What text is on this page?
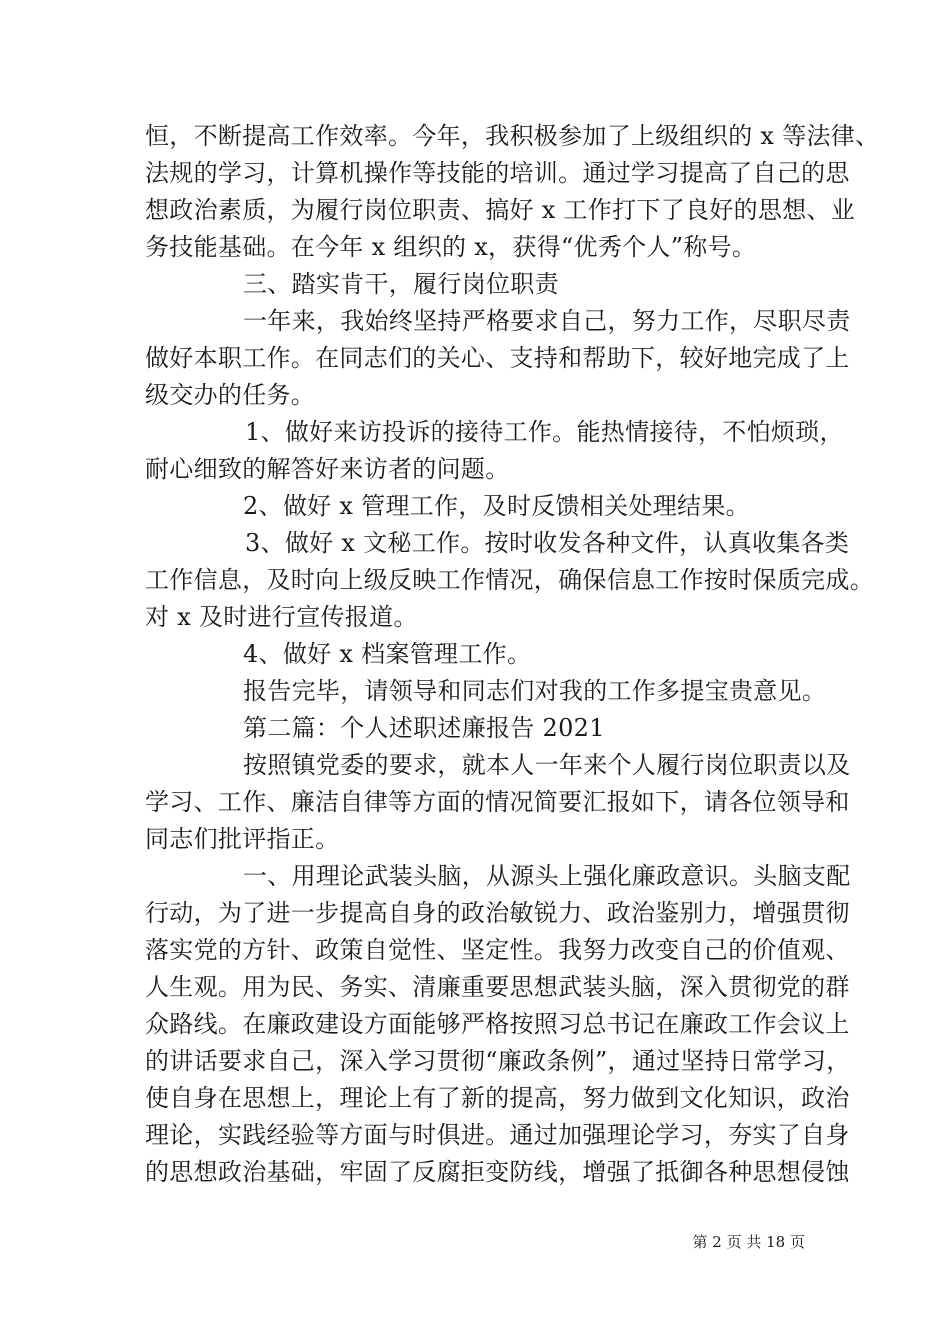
恒，不断提高工作效率。今年，我积极参加了上级组织的 x 等法律、
法规的学习，计算机操作等技能的培训。通过学习提高了自己的思
想政治素质，为履行岗位职责、搞好 x 工作打下了良好的思想、业
务技能基础。在今年 x 组织的 x，获得“优秀个人”称号。
三、踏实肯干，履行岗位职责
一年来，我始终坚持严格要求自己，努力工作，尽职尽责
做好本职工作。在同志们的关心、支持和帮助下，较好地完成了上
级交办的任务。
1、做好来访投诉的接待工作。能热情接待，不怕烦琐，
耐心细致的解答好来访者的问题。
2、做好 x 管理工作，及时反馈相关处理结果。
3、做好 x 文秘工作。按时收发各种文件，认真收集各类
工作信息，及时向上级反映工作情况，确保信息工作按时保质完成。
对 x 及时进行宣传报道。
4、做好 x 档案管理工作。
报告完毕，请领导和同志们对我的工作多提宝贵意见。
第二篇：个人述职述廉报告 2021
按照镇党委的要求，就本人一年来个人履行岗位职责以及
学习、工作、廉洁自律等方面的情况简要汇报如下，请各位领导和
同志们批评指正。
一、用理论武装头脑，从源头上强化廉政意识。头脑支配
行动，为了进一步提高自身的政治敏锐力、政治鉴别力，增强贯彻
落实党的方针、政策自觉性、坚定性。我努力改变自己的价值观、
人生观。用为民、务实、清廉重要思想武装头脑，深入贯彻党的群
众路线。在廉政建设方面能够严格按照习总书记在廉政工作会议上
的讲话要求自己，深入学习贯彻“廉政条例”，通过坚持日常学习，
使自身在思想上，理论上有了新的提高，努力做到文化知识，政治
理论，实践经验等方面与时俱进。通过加强理论学习，夯实了自身
的思想政治基础，牢固了反腐拒变防线，增强了抵御各种思想侵蚀
第 2 页 共 18 页
